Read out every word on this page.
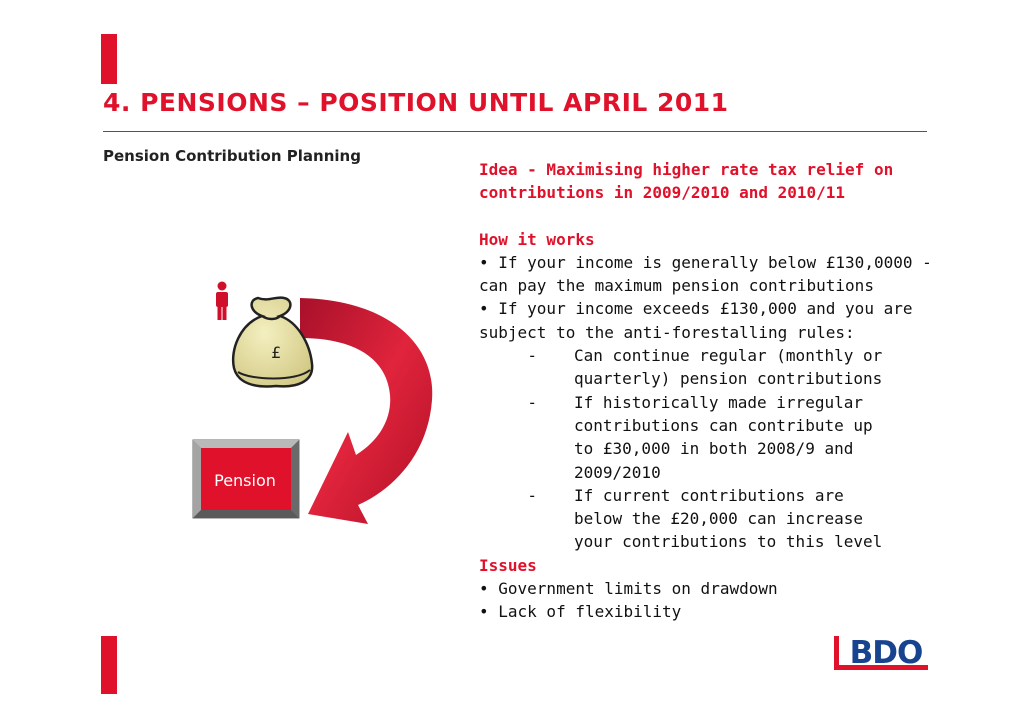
4. PENSIONS – POSITION UNTIL APRIL 2011
Pension Contribution Planning
£
Pension
Idea - Maximising higher rate tax relief on
contributions in 2009/2010 and 2010/11
How it works
• If your income is generally below £130,0000 -
can pay the maximum pension contributions
• If your income exceeds £130,000 and you are
subject to the anti-forestalling rules:
-	Can continue regular (monthly or quarterly) pension contributions
-	If historically made irregular contributions can contribute up to £30,000 in both 2008/9 and 2009/2010
-	If current contributions are below the £20,000 can increase your contributions to this level
Issues
• Government limits on drawdown
• Lack of flexibility
BDO
